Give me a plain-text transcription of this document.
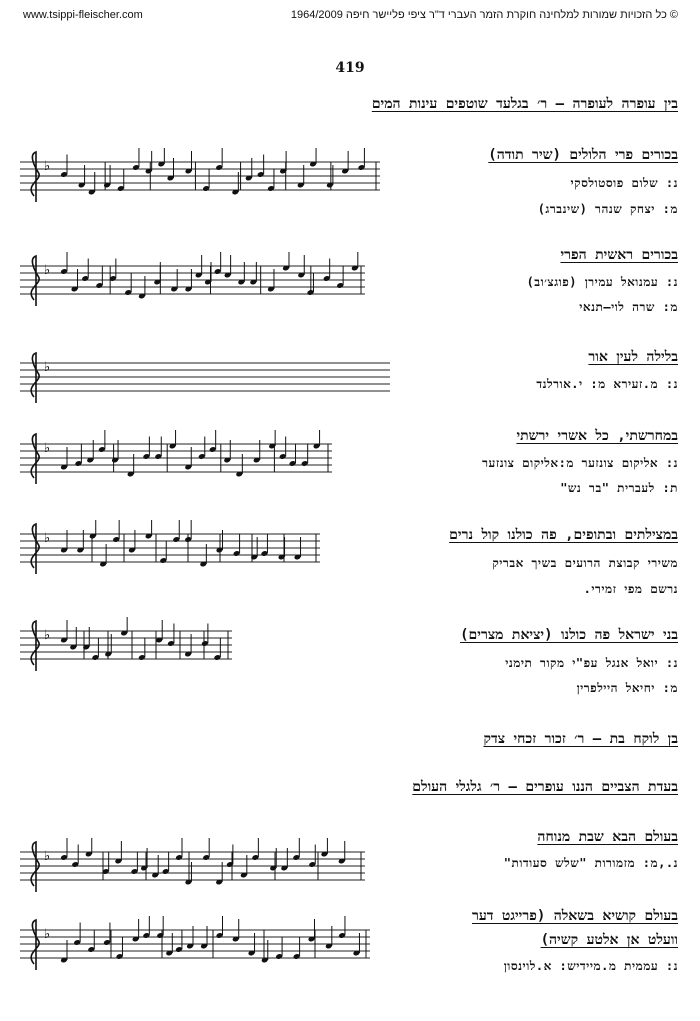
www.tsippi-fleischer.com	© כל הזכויות שמורות למלחינה חוקרת הזמר העברי ד"ר ציפי פליישר חיפה 1964/2009
419
בין עופרה לעופרה – ר׳ בגלעד שוטפים עינות המים
♭
בכורים פרי הלולים (שיר תודה)
נ: שלום פוסטולסקי
מ: יצחק שנהר (שינברג)
♭
בכורים ראשית הפרי
נ: עמנואל עמירן (פוגצ׳וב)
מ: שרה לוי–תנאי
♭
בלילה לעין אור
נ: מ.זעירא מ: י.אורלנד
♭
במחרשתי, כל אשרי ירשתי
נ: אליקום צונזער מ:אליקום צונזער
ת: לעברית "בר נש"
♭	במצילתים ובתופים, פה כולנו קול נרים
משירי קבוצת הרועים בשיך אבריק
נרשם מפי זמירי.
♭	בני ישראל פה כולנו (יציאת מצרים)
נ: יואל אנגל עפ"י מקור תימני
מ: יחיאל היילפרין
בן לוקח בת – ר׳ זכור זכחי צדק
בעדת הצביים הננו עופרים – ר׳ גלגלי העולם
♭
בעולם הבא שבת מנוחה
נ.,מ: מזמורות "שלש סעודות"
♭
בעולם קושיא בשאלה (פרייגט דער
וועלט אן אלטע קשיה)
נ: עממית מ.מיידיש: א.לוינסון
